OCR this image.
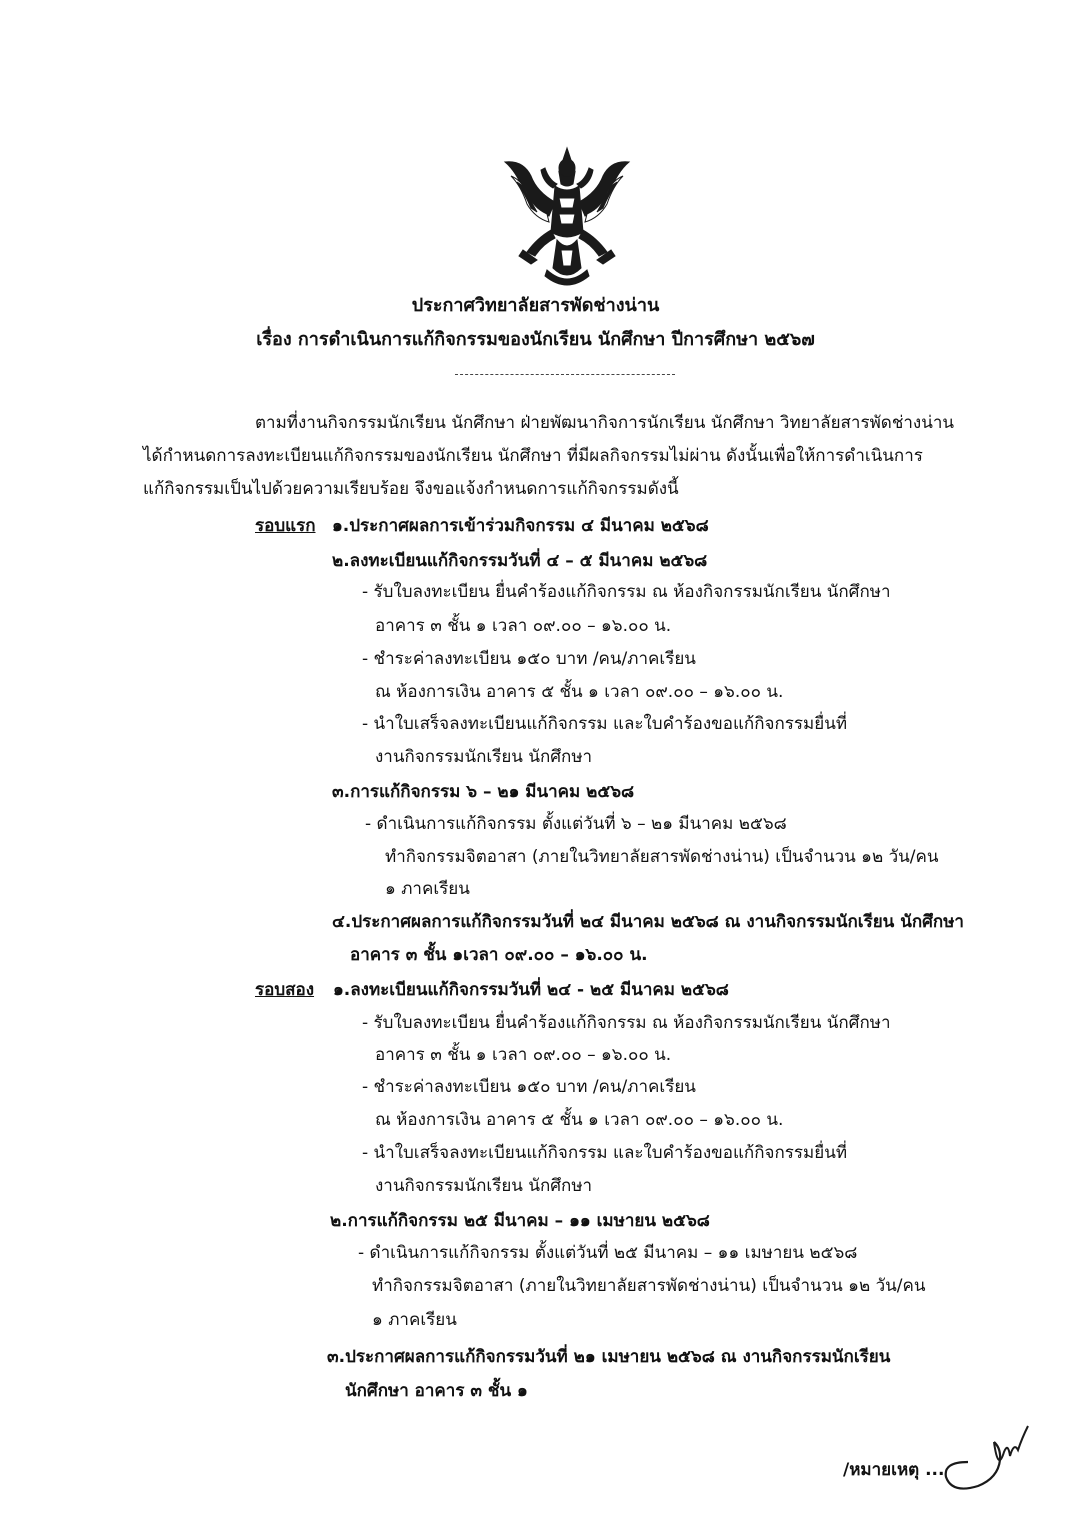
ประกาศวิทยาลัยสารพัดช่างน่าน
เรื่อง การดำเนินการแก้กิจกรรมของนักเรียน นักศึกษา ปีการศึกษา ๒๕๖๗
ตามที่งานกิจกรรมนักเรียน นักศึกษา ฝ่ายพัฒนากิจการนักเรียน นักศึกษา วิทยาลัยสารพัดช่างน่าน
ได้กำหนดการลงทะเบียนแก้กิจกรรมของนักเรียน นักศึกษา ที่มีผลกิจกรรมไม่ผ่าน ดังนั้นเพื่อให้การดำเนินการ
แก้กิจกรรมเป็นไปด้วยความเรียบร้อย จึงขอแจ้งกำหนดการแก้กิจกรรมดังนี้
รอบแรก ๑.ประกาศผลการเข้าร่วมกิจกรรม ๔ มีนาคม ๒๕๖๘
๒.ลงทะเบียนแก้กิจกรรมวันที่ ๔ – ๕ มีนาคม ๒๕๖๘
- รับใบลงทะเบียน ยื่นคำร้องแก้กิจกรรม ณ ห้องกิจกรรมนักเรียน นักศึกษา
อาคาร ๓ ชั้น ๑ เวลา ๐๙.๐๐ – ๑๖.๐๐ น.
- ชำระค่าลงทะเบียน ๑๕๐ บาท /คน/ภาคเรียน
ณ ห้องการเงิน อาคาร ๕ ชั้น ๑ เวลา ๐๙.๐๐ – ๑๖.๐๐ น.
- นำใบเสร็จลงทะเบียนแก้กิจกรรม และใบคำร้องขอแก้กิจกรรมยื่นที่
งานกิจกรรมนักเรียน นักศึกษา
๓.การแก้กิจกรรม ๖ – ๒๑ มีนาคม ๒๕๖๘
- ดำเนินการแก้กิจกรรม ตั้งแต่วันที่ ๖ – ๒๑ มีนาคม ๒๕๖๘
ทำกิจกรรมจิตอาสา (ภายในวิทยาลัยสารพัดช่างน่าน) เป็นจำนวน ๑๒ วัน/คน
๑ ภาคเรียน
๔.ประกาศผลการแก้กิจกรรมวันที่ ๒๔ มีนาคม ๒๕๖๘ ณ งานกิจกรรมนักเรียน นักศึกษา
อาคาร ๓ ชั้น ๑เวลา ๐๙.๐๐ – ๑๖.๐๐ น.
รอบสอง ๑.ลงทะเบียนแก้กิจกรรมวันที่ ๒๔ - ๒๕ มีนาคม ๒๕๖๘
- รับใบลงทะเบียน ยื่นคำร้องแก้กิจกรรม ณ ห้องกิจกรรมนักเรียน นักศึกษา
อาคาร ๓ ชั้น ๑ เวลา ๐๙.๐๐ – ๑๖.๐๐ น.
- ชำระค่าลงทะเบียน ๑๕๐ บาท /คน/ภาคเรียน
ณ ห้องการเงิน อาคาร ๕ ชั้น ๑ เวลา ๐๙.๐๐ – ๑๖.๐๐ น.
- นำใบเสร็จลงทะเบียนแก้กิจกรรม และใบคำร้องขอแก้กิจกรรมยื่นที่
งานกิจกรรมนักเรียน นักศึกษา
๒.การแก้กิจกรรม ๒๕ มีนาคม – ๑๑ เมษายน ๒๕๖๘
- ดำเนินการแก้กิจกรรม ตั้งแต่วันที่ ๒๕ มีนาคม – ๑๑ เมษายน ๒๕๖๘
ทำกิจกรรมจิตอาสา (ภายในวิทยาลัยสารพัดช่างน่าน) เป็นจำนวน ๑๒ วัน/คน
๑ ภาคเรียน
๓.ประกาศผลการแก้กิจกรรมวันที่ ๒๑ เมษายน ๒๕๖๘ ณ งานกิจกรรมนักเรียน
นักศึกษา อาคาร ๓ ชั้น ๑
/หมายเหตุ ...
